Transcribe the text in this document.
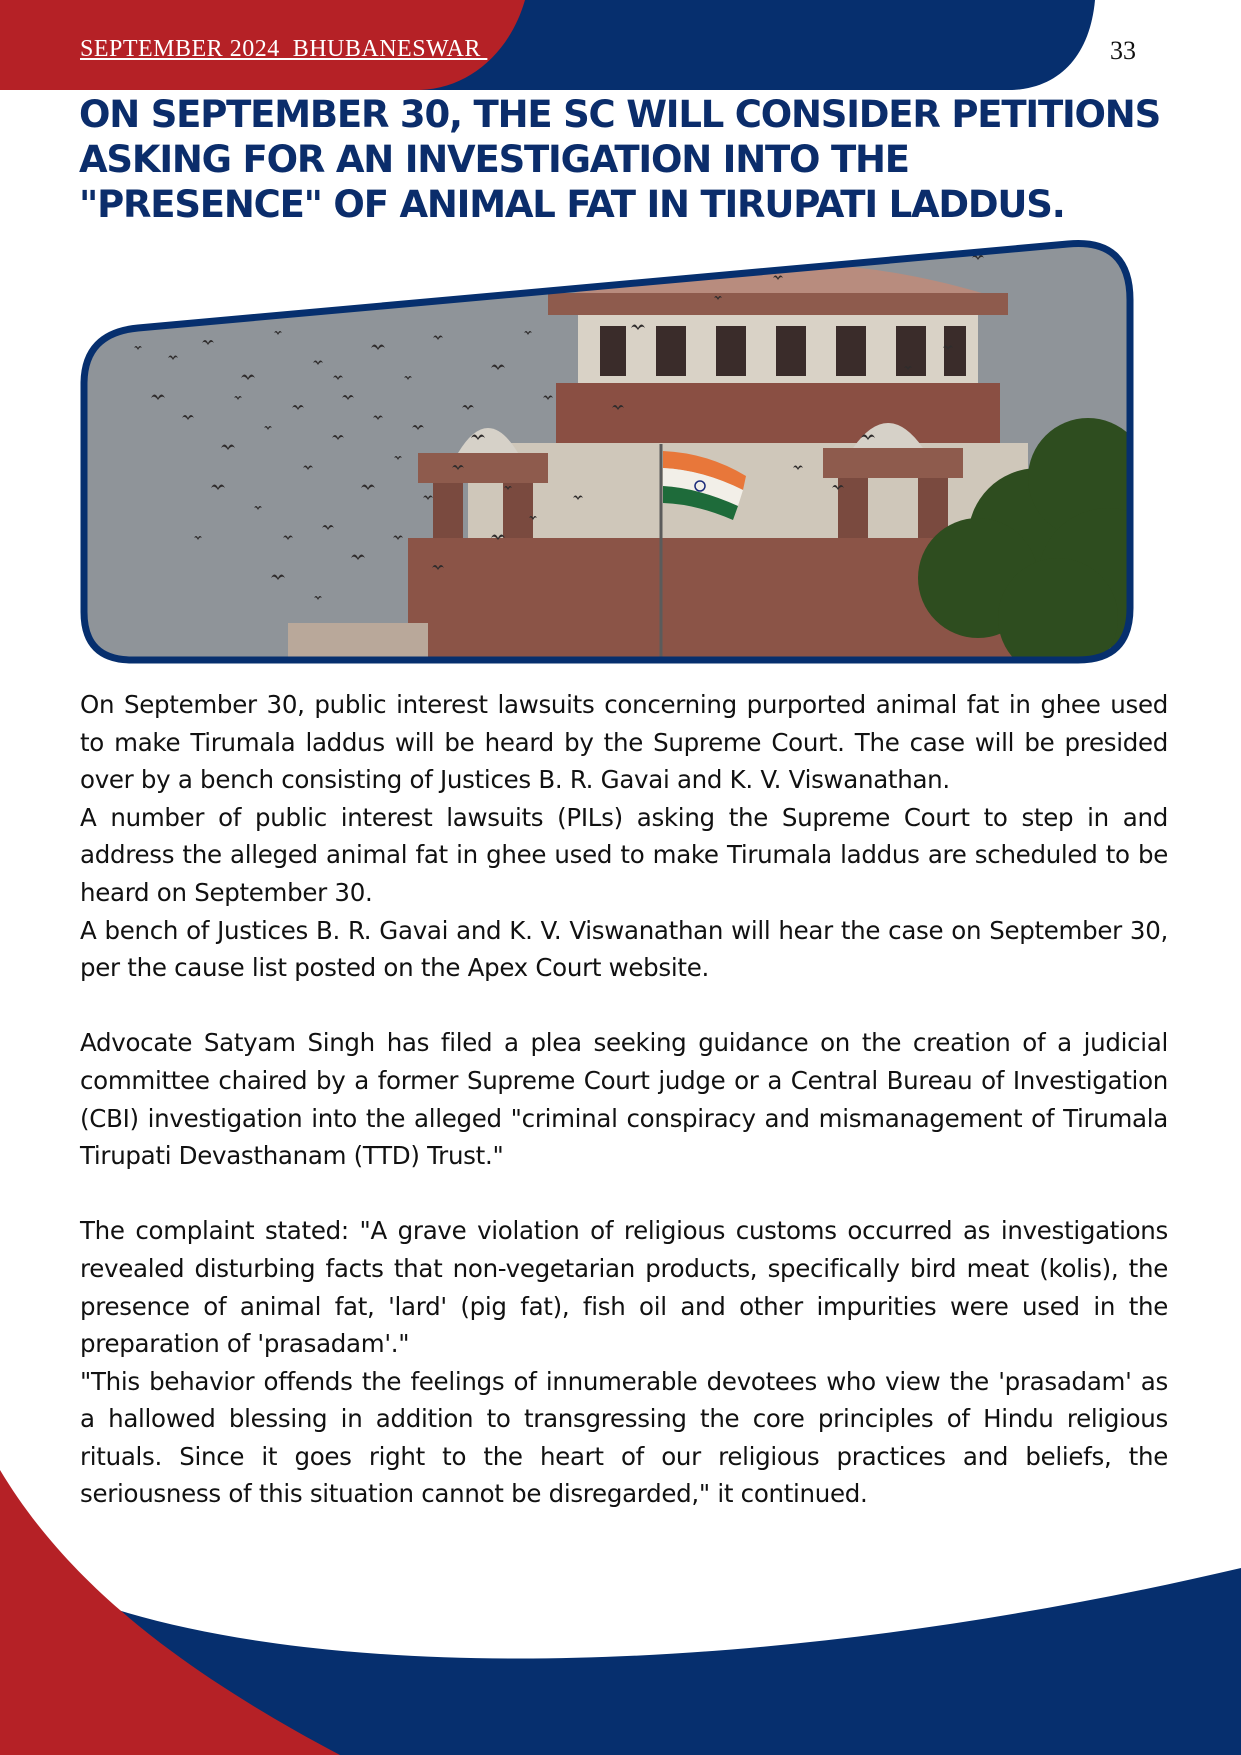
SEPTEMBER 2024  BHUBANESWAR	33
ON SEPTEMBER 30, THE SC WILL CONSIDER PETITIONS
ASKING FOR AN INVESTIGATION INTO THE
"PRESENCE" OF ANIMAL FAT IN TIRUPATI LADDUS.

On September 30, public interest lawsuits concerning purported animal fat in ghee used to make Tirumala laddus will be heard by the Supreme Court. The case will be presided over by a bench consisting of Justices B. R. Gavai and K. V. Viswanathan.

A number of public interest lawsuits (PILs) asking the Supreme Court to step in and address the alleged animal fat in ghee used to make Tirumala laddus are scheduled to be heard on September 30.

A bench of Justices B. R. Gavai and K. V. Viswanathan will hear the case on September 30, per the cause list posted on the Apex Court website.

Advocate Satyam Singh has filed a plea seeking guidance on the creation of a judicial committee chaired by a former Supreme Court judge or a Central Bureau of Investigation (CBI) investigation into the alleged "criminal conspiracy and mismanagement of Tirumala Tirupati Devasthanam (TTD) Trust."

The complaint stated: "A grave violation of religious customs occurred as investigations revealed disturbing facts that non-vegetarian products, specifically bird meat (kolis), the presence of animal fat, 'lard' (pig fat), fish oil and other impurities were used in the preparation of 'prasadam'."

"This behavior offends the feelings of innumerable devotees who view the 'prasadam' as a hallowed blessing in addition to transgressing the core principles of Hindu religious rituals. Since it goes right to the heart of our religious practices and beliefs, the seriousness of this situation cannot be disregarded," it continued.
